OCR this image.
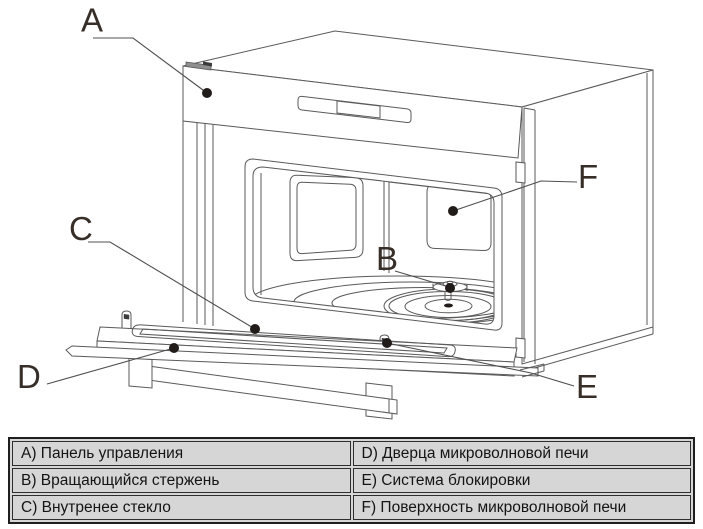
A
B
C
D	E
F
A) Панель управления	D) Дверца микроволновой печи
B) Вращающийся стержень	E) Система блокировки
C) Внутренее стекло	F) Поверхность микроволновой печи
